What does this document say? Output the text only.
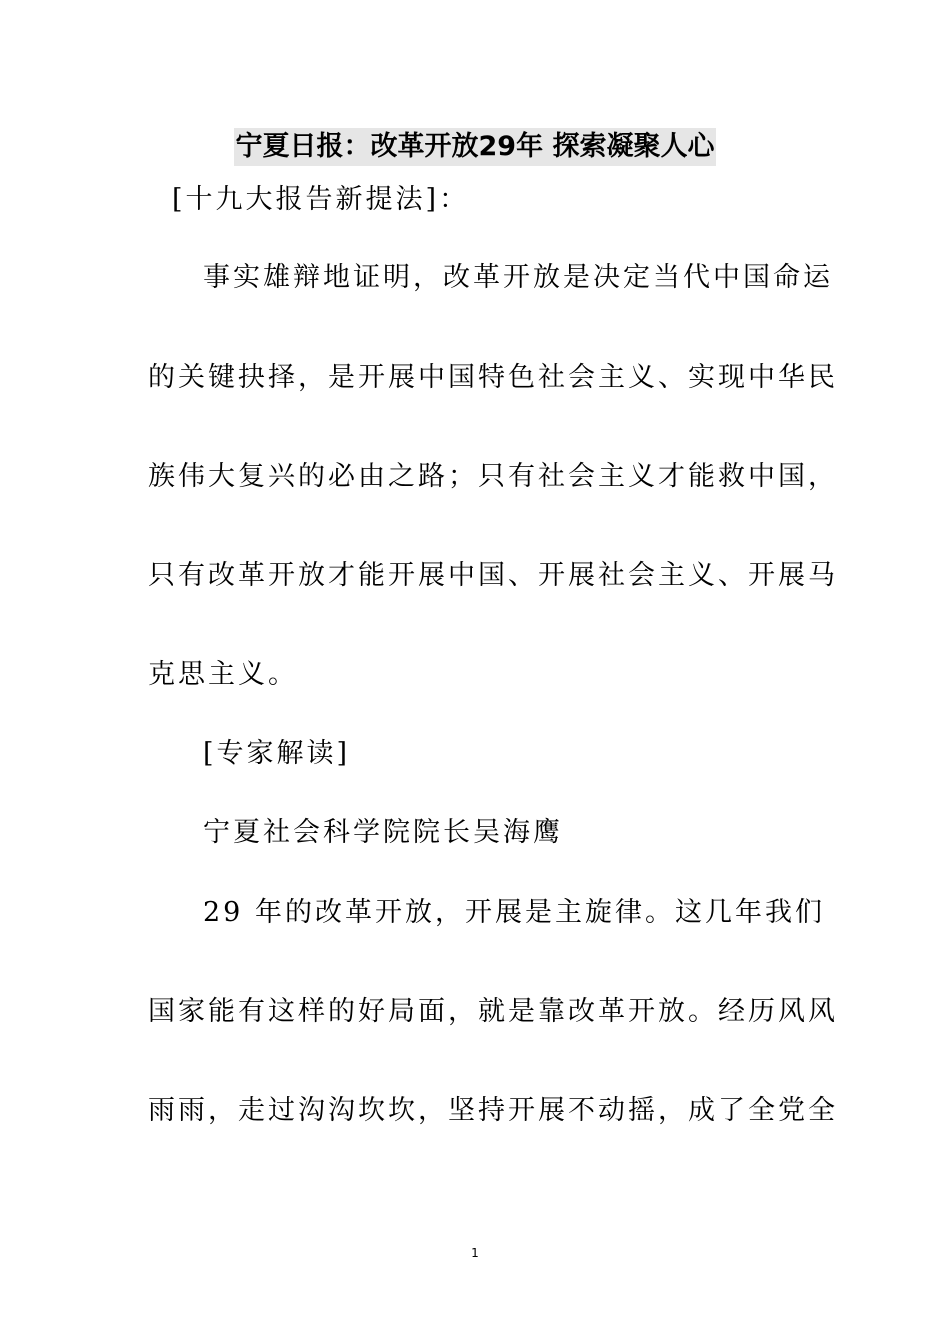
宁夏日报：改革开放29年 探索凝聚人心
[十九大报告新提法]：
事实雄辩地证明，改革开放是决定当代中国命运
的关键抉择，是开展中国特色社会主义、实现中华民
族伟大复兴的必由之路；只有社会主义才能救中国，
只有改革开放才能开展中国、开展社会主义、开展马
克思主义。
[专家解读]
宁夏社会科学院院长吴海鹰
29 年的改革开放，开展是主旋律。这几年我们
国家能有这样的好局面，就是靠改革开放。经历风风
雨雨，走过沟沟坎坎，坚持开展不动摇，成了全党全
1
